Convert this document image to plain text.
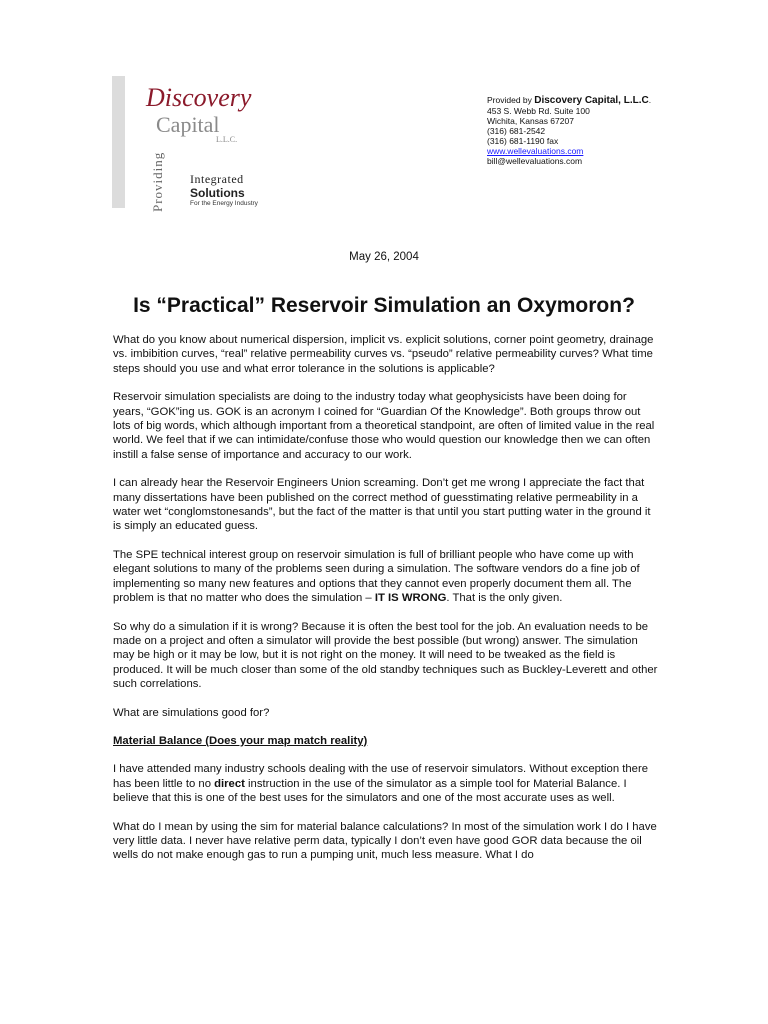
Providing
Discovery
Capital
L.L.C.
Integrated
Solutions
For the Energy Industry
Provided by Discovery Capital, L.L.C.
453 S. Webb Rd. Suite 100
Wichita, Kansas 67207
(316) 681-2542
(316) 681-1190 fax
www.wellevaluations.com
bill@wellevaluations.com
May 26, 2004
Is “Practical” Reservoir Simulation an Oxymoron?

What do you know about numerical dispersion, implicit vs. explicit solutions, corner point geometry, drainage vs. imbibition curves, “real” relative permeability curves vs. “pseudo” relative permeability curves? What time steps should you use and what error tolerance in the solutions is applicable?

Reservoir simulation specialists are doing to the industry today what geophysicists have been doing for years, “GOK”ing us. GOK is an acronym I coined for “Guardian Of the Knowledge”. Both groups throw out lots of big words, which although important from a theoretical standpoint, are often of limited value in the real world. We feel that if we can intimidate/confuse those who would question our knowledge then we can often instill a false sense of importance and accuracy to our work.

I can already hear the Reservoir Engineers Union screaming. Don’t get me wrong I appreciate the fact that many dissertations have been published on the correct method of guesstimating relative permeability in a water wet “conglomstonesands”, but the fact of the matter is that until you start putting water in the ground it is simply an educated guess.

The SPE technical interest group on reservoir simulation is full of brilliant people who have come up with elegant solutions to many of the problems seen during a simulation. The software vendors do a fine job of implementing so many new features and options that they cannot even properly document them all. The problem is that no matter who does the simulation – IT IS WRONG. That is the only given.

So why do a simulation if it is wrong? Because it is often the best tool for the job. An evaluation needs to be made on a project and often a simulator will provide the best possible (but wrong) answer. The simulation may be high or it may be low, but it is not right on the money. It will need to be tweaked as the field is produced. It will be much closer than some of the old standby techniques such as Buckley-Leverett and other such correlations.

What are simulations good for?

Material Balance (Does your map match reality)

I have attended many industry schools dealing with the use of reservoir simulators. Without exception there has been little to no direct instruction in the use of the simulator as a simple tool for Material Balance. I believe that this is one of the best uses for the simulators and one of the most accurate uses as well.

What do I mean by using the sim for material balance calculations? In most of the simulation work I do I have very little data. I never have relative perm data, typically I don’t even have good GOR data because the oil wells do not make enough gas to run a pumping unit, much less measure. What I do
